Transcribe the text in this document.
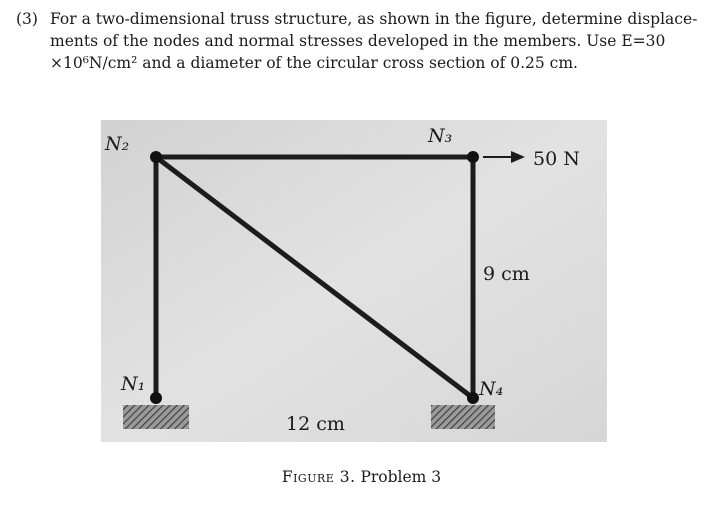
(3) For a two-dimensional truss structure, as shown in the figure, determine displace-
ments of the nodes and normal stresses developed in the members. Use E=30
×10⁶N/cm² and a diameter of the circular cross section of 0.25 cm.
N₂	N₃
N₁	N₄
50 N
9 cm
12 cm
Figure 3. Problem 3
